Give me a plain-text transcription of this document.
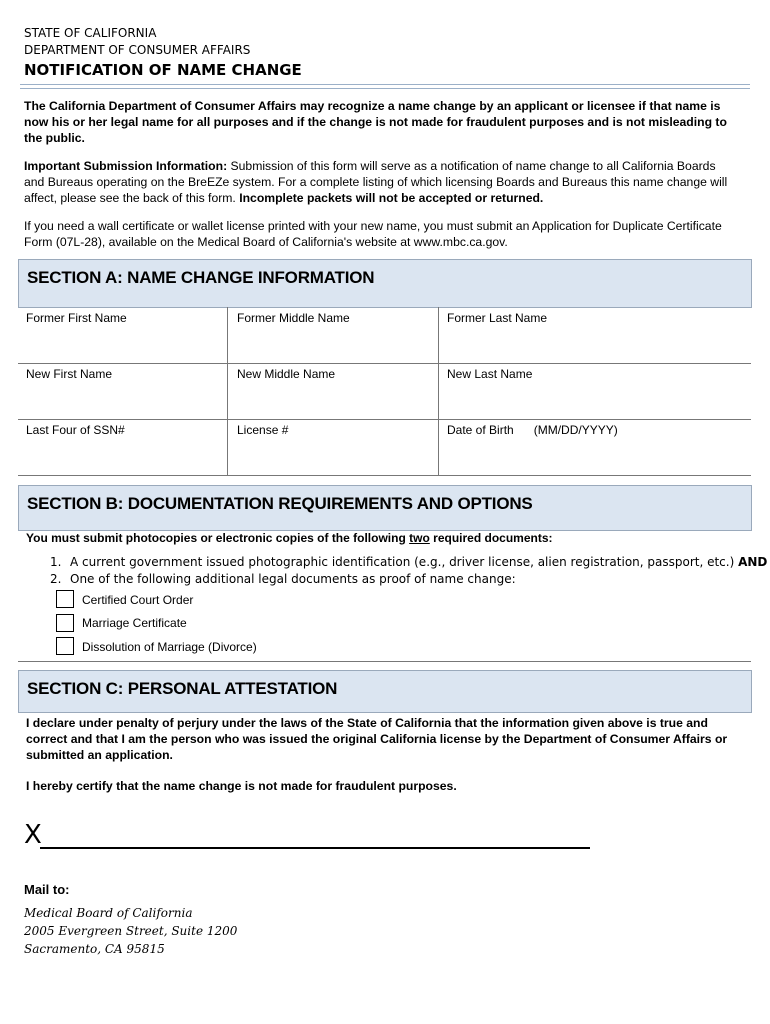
STATE OF CALIFORNIA
DEPARTMENT OF CONSUMER AFFAIRS
NOTIFICATION OF NAME CHANGE
The California Department of Consumer Affairs may recognize a name change by an applicant or licensee if that name is now his or her legal name for all purposes and if the change is not made for fraudulent purposes and is not misleading to the public.
Important Submission Information: Submission of this form will serve as a notification of name change to all California Boards and Bureaus operating on the BreEZe system. For a complete listing of which licensing Boards and Bureaus this name change will affect, please see the back of this form. Incomplete packets will not be accepted or returned.
If you need a wall certificate or wallet license printed with your new name, you must submit an Application for Duplicate Certificate Form (07L-28), available on the Medical Board of California's website at www.mbc.ca.gov.
SECTION A: NAME CHANGE INFORMATION
Former First Name	Former Middle Name	Former Last Name
New First Name	New Middle Name	New Last Name
Last Four of SSN#	License #	Date of Birth      (MM/DD/YYYY)
SECTION B: DOCUMENTATION REQUIREMENTS AND OPTIONS
You must submit photocopies or electronic copies of the following two required documents:
1. A current government issued photographic identification (e.g., driver license, alien registration, passport, etc.) AND
2. One of the following additional legal documents as proof of name change:
Certified Court Order
Marriage Certificate
Dissolution of Marriage (Divorce)
SECTION C: PERSONAL ATTESTATION
I declare under penalty of perjury under the laws of the State of California that the information given above is true and correct and that I am the person who was issued the original California license by the Department of Consumer Affairs or submitted an application.
I hereby certify that the name change is not made for fraudulent purposes.
X
Mail to:
Medical Board of California
2005 Evergreen Street, Suite 1200
Sacramento, CA 95815
